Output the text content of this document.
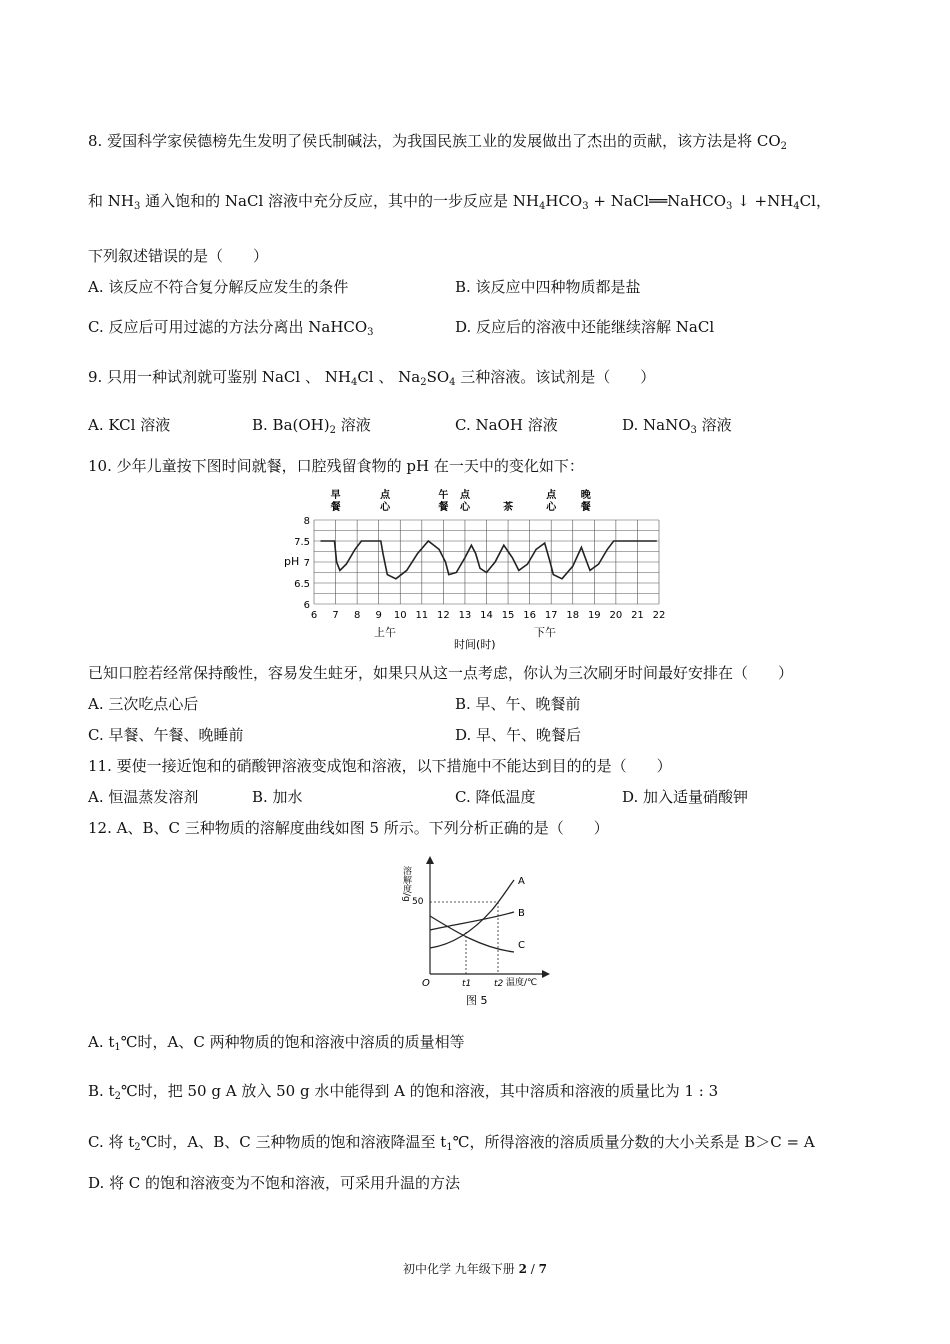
8. 爱国科学家侯德榜先生发明了侯氏制碱法，为我国民族工业的发展做出了杰出的贡献，该方法是将 $CO_2$
和 $NH_3$ 通入饱和的 NaCl 溶液中充分反应，其中的一步反应是 $NH_4HCO_3$ + NaCl══NaHCO$_3$ ↓ $+NH_4Cl$，
下列叙述错误的是（　　）
A. 该反应不符合复分解反应发生的条件	B. 该反应中四种物质都是盐
C. 反应后可用过滤的方法分离出 NaHCO$_3$	D. 反应后的溶液中还能继续溶解 NaCl
9. 只用一种试剂就可鉴别 NaCl 、 $NH_4Cl$ 、 $Na_2SO_4$ 三种溶液。该试剂是（　　）
A. KCl 溶液	B. $Ba(OH)_2$ 溶液	C. NaOH 溶液	D. NaNO$_3$ 溶液
10. 少年儿童按下图时间就餐，口腔残留食物的 pH 在一天中的变化如下：
早
餐
点
心
午
餐
点
心	茶
点
心
晚
餐
6
6.5
7
7.5
8
6 7 8 9 10 11 12 13 14 15 16 17 18 19 20 21 22
pH
上午	下午
时间(时)
已知口腔若经常保持酸性，容易发生蛀牙，如果只从这一点考虑，你认为三次刷牙时间最好安排在（　　）
A. 三次吃点心后	B. 早、午、晚餐前
C. 早餐、午餐、晚睡前	D. 早、午、晚餐后
11. 要使一接近饱和的硝酸钾溶液变成饱和溶液，以下措施中不能达到目的的是（　　）
A. 恒温蒸发溶剂	B. 加水	C. 降低温度	D. 加入适量硝酸钾
12. A、B、C 三种物质的溶解度曲线如图 5 所示。下列分析正确的是（　　）
溶解度/g
50
O	t1	t2 温度/℃
A
B
C
图 5
A. $t_1℃$时，A、C 两种物质的饱和溶液中溶质的质量相等
B. $t_2℃$时，把 50 g A 放入 50 g 水中能得到 A 的饱和溶液，其中溶质和溶液的质量比为 1 : 3
C. 将 $t_2℃$时，A、B、C 三种物质的饱和溶液降温至 $t_1℃$，所得溶液的溶质质量分数的大小关系是 B＞C = A
D. 将 C 的饱和溶液变为不饱和溶液，可采用升温的方法
初中化学 九年级下册 2 / 7
